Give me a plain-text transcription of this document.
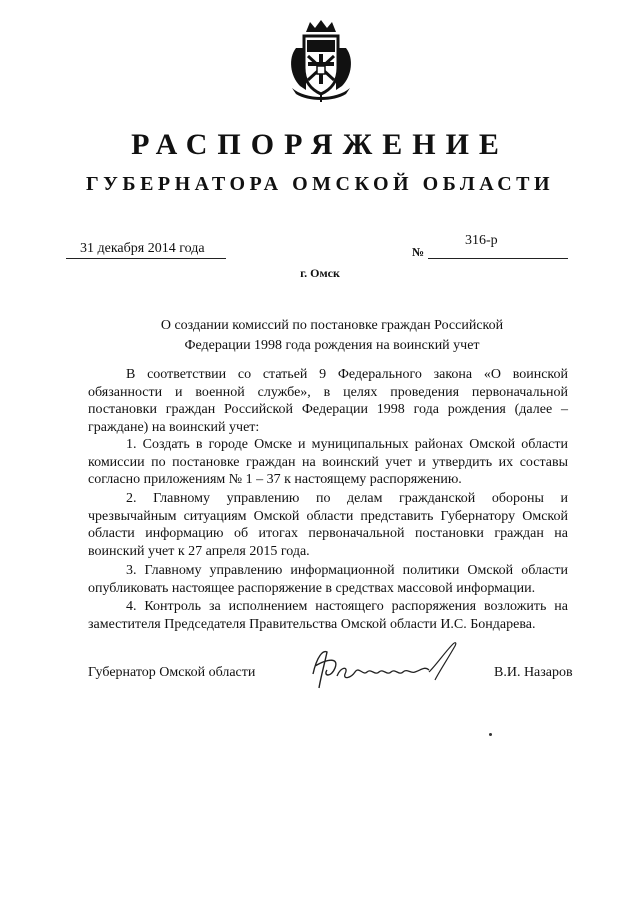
РАСПОРЯЖЕНИЕ
ГУБЕРНАТОРА ОМСКОЙ ОБЛАСТИ
31 декабря 2014 года	№
316-р
г. Омск
О создании комиссий по постановке граждан Российской
Федерации 1998 года рождения на воинский учет
В соответствии со статьей 9 Федерального закона «О воинской обязанности и военной службе», в целях проведения первоначальной постановки граждан Российской Федерации 1998 года рождения (далее – граждане) на воинский учет:
1. Создать в городе Омске и муниципальных районах Омской области комиссии по постановке граждан на воинский учет и утвердить их составы согласно приложениям № 1 – 37 к настоящему распоряжению.
2. Главному управлению по делам гражданской обороны и чрезвычайным ситуациям Омской области представить Губернатору Омской области информацию об итогах первоначальной постановки граждан на воинский учет к 27 апреля 2015 года.
3. Главному управлению информационной политики Омской области опубликовать настоящее распоряжение в средствах массовой информации.
4. Контроль за исполнением настоящего распоряжения возложить на заместителя Председателя Правительства Омской области И.С. Бондарева.
Губернатор Омской области	В.И. Назаров
